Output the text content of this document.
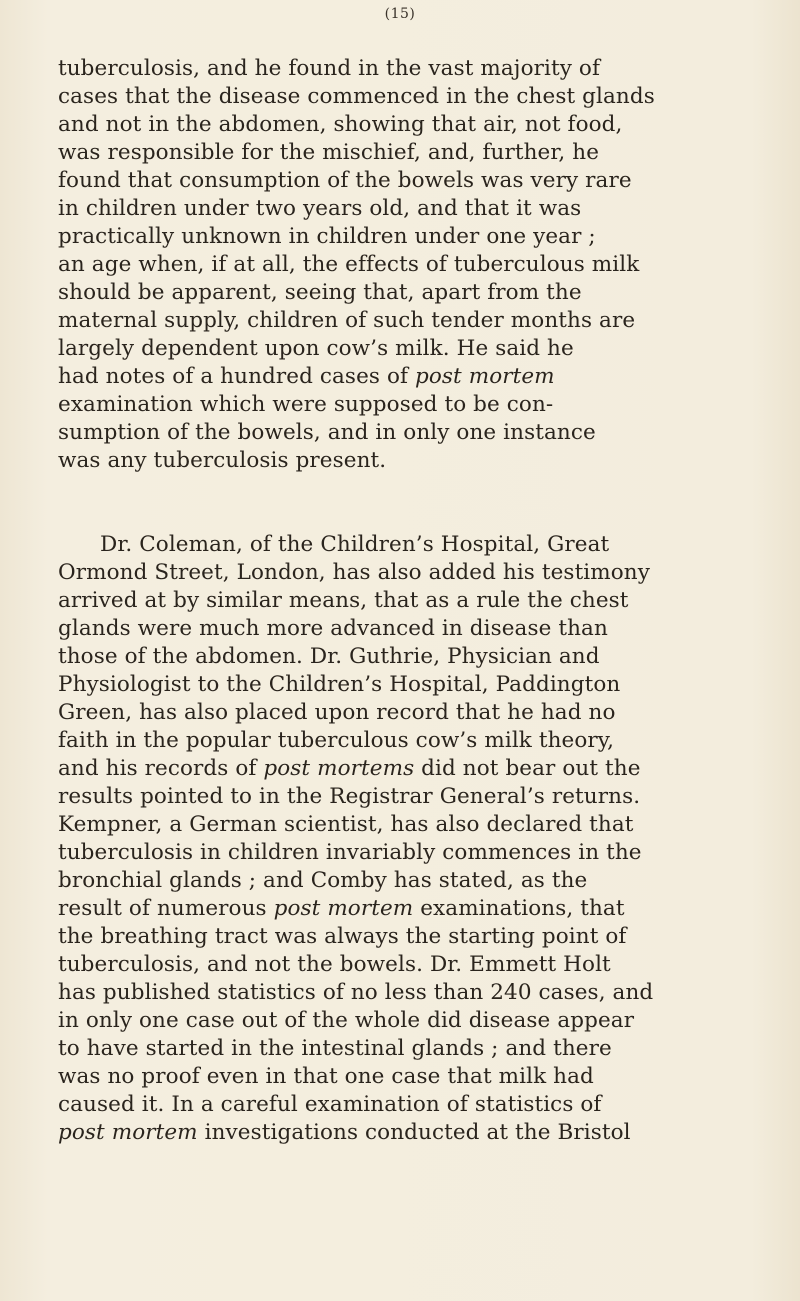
(15)
tuberculosis, and he found in the vast majority of
cases that the disease commenced in the chest glands
and not in the abdomen, showing that air, not food,
was responsible for the mischief, and, further, he
found that consumption of the bowels was very rare
in children under two years old, and that it was
practically unknown in children under one year ;
an age when, if at all, the effects of tuberculous milk
should be apparent, seeing that, apart from the
maternal supply, children of such tender months are
largely dependent upon cow’s milk. He said he
had notes of a hundred cases of post mortem
examination which were supposed to be con-
sumption of the bowels, and in only one instance
was any tuberculosis present.
Dr. Coleman, of the Children’s Hospital, Great
Ormond Street, London, has also added his testimony
arrived at by similar means, that as a rule the chest
glands were much more advanced in disease than
those of the abdomen. Dr. Guthrie, Physician and
Physiologist to the Children’s Hospital, Paddington
Green, has also placed upon record that he had no
faith in the popular tuberculous cow’s milk theory,
and his records of post mortems did not bear out the
results pointed to in the Registrar General’s returns.
Kempner, a German scientist, has also declared that
tuberculosis in children invariably commences in the
bronchial glands ; and Comby has stated, as the
result of numerous post mortem examinations, that
the breathing tract was always the starting point of
tuberculosis, and not the bowels. Dr. Emmett Holt
has published statistics of no less than 240 cases, and
in only one case out of the whole did disease appear
to have started in the intestinal glands ; and there
was no proof even in that one case that milk had
caused it. In a careful examination of statistics of
post mortem investigations conducted at the Bristol
